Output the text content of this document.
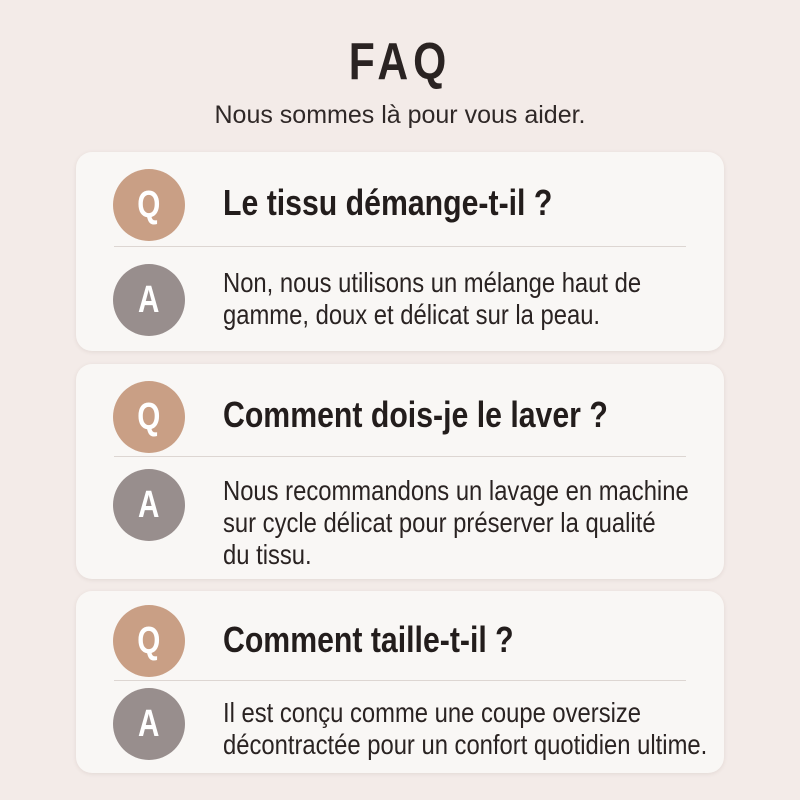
FAQ
Nous sommes là pour vous aider.
Q Le tissu démange-t-il ?
A Non, nous utilisons un mélange haut de
gamme, doux et délicat sur la peau.
Q Comment dois-je le laver ?
A Nous recommandons un lavage en machine
sur cycle délicat pour préserver la qualité
du tissu.
Q Comment taille-t-il ?
A Il est conçu comme une coupe oversize
décontractée pour un confort quotidien ultime.
